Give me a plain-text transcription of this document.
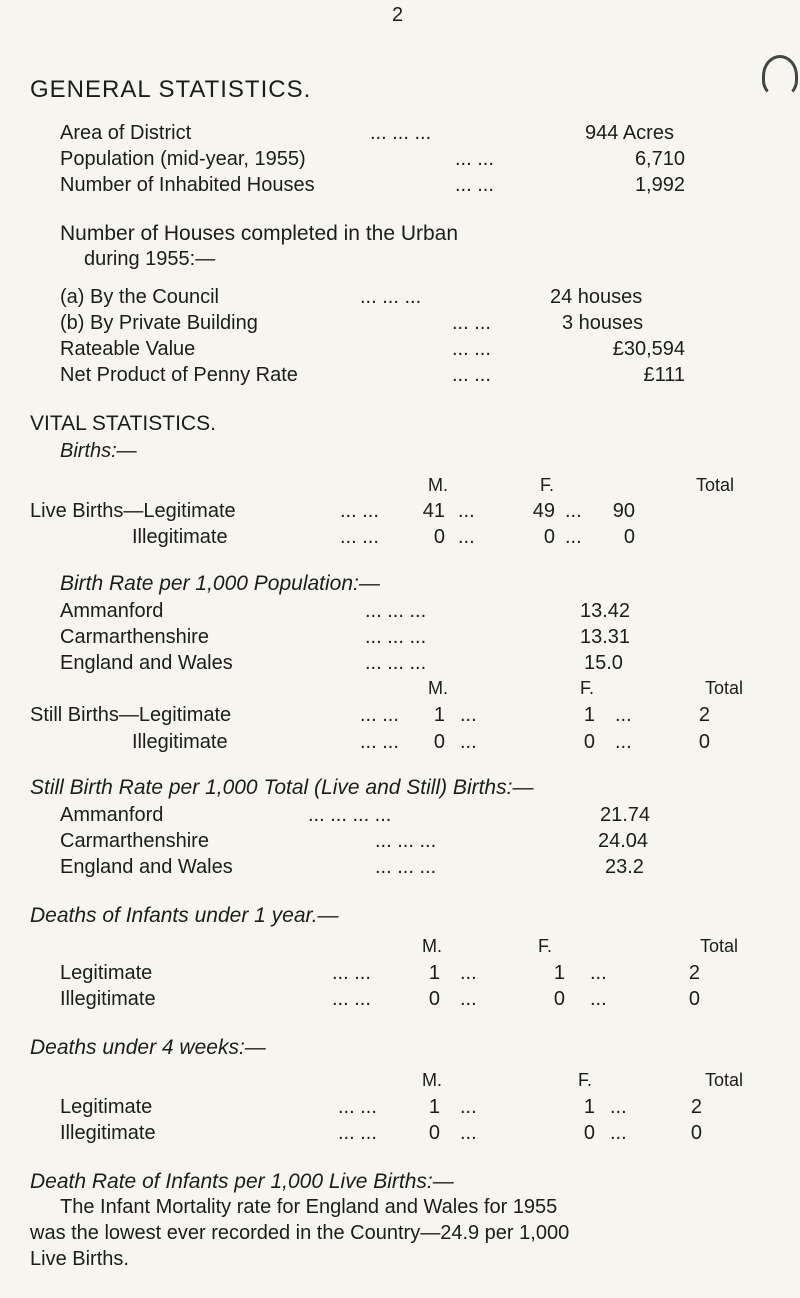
2
GENERAL STATISTICS.
Area of District	... ... ...	944 Acres
Population (mid-year, 1955)	... ...	6,710
Number of Inhabited Houses	... ...	1,992
Number of Houses completed in the Urban
during 1955:—
(a) By the Council	... ... ...	24 houses
(b) By Private Building	... ...	3 houses
Rateable Value	... ...	£30,594
Net Product of Penny Rate	... ...	£111
VITAL STATISTICS.
Births:—
M.	F.	Total
Live Births—Legitimate	... ...	41 ...	49 ...	90
Illegitimate	... ...	0 ...	0 ...	0
Birth Rate per 1,000 Population:—
Ammanford	... ... ...	13.42
Carmarthenshire	... ... ...	13.31
England and Wales	... ... ...	15.0
M.	F.	Total
Still Births—Legitimate	... ...	1 ...	1 ...	2
Illegitimate	... ...	0 ...	0 ...	0
Still Birth Rate per 1,000 Total (Live and Still) Births:—
Ammanford	... ... ... ...	21.74
Carmarthenshire	... ... ...	24.04
England and Wales	... ... ...	23.2
Deaths of Infants under 1 year.—
M.	F.	Total
Legitimate	... ...	1 ...	1 ...	2
Illegitimate	... ...	0 ...	0 ...	0
Deaths under 4 weeks:—
M.	F.	Total
Legitimate	... ...	1 ...	1 ...	2
Illegitimate	... ...	0 ...	0 ...	0
Death Rate of Infants per 1,000 Live Births:—
The Infant Mortality rate for England and Wales for 1955
was the lowest ever recorded in the Country—24.9 per 1,000
Live Births.
